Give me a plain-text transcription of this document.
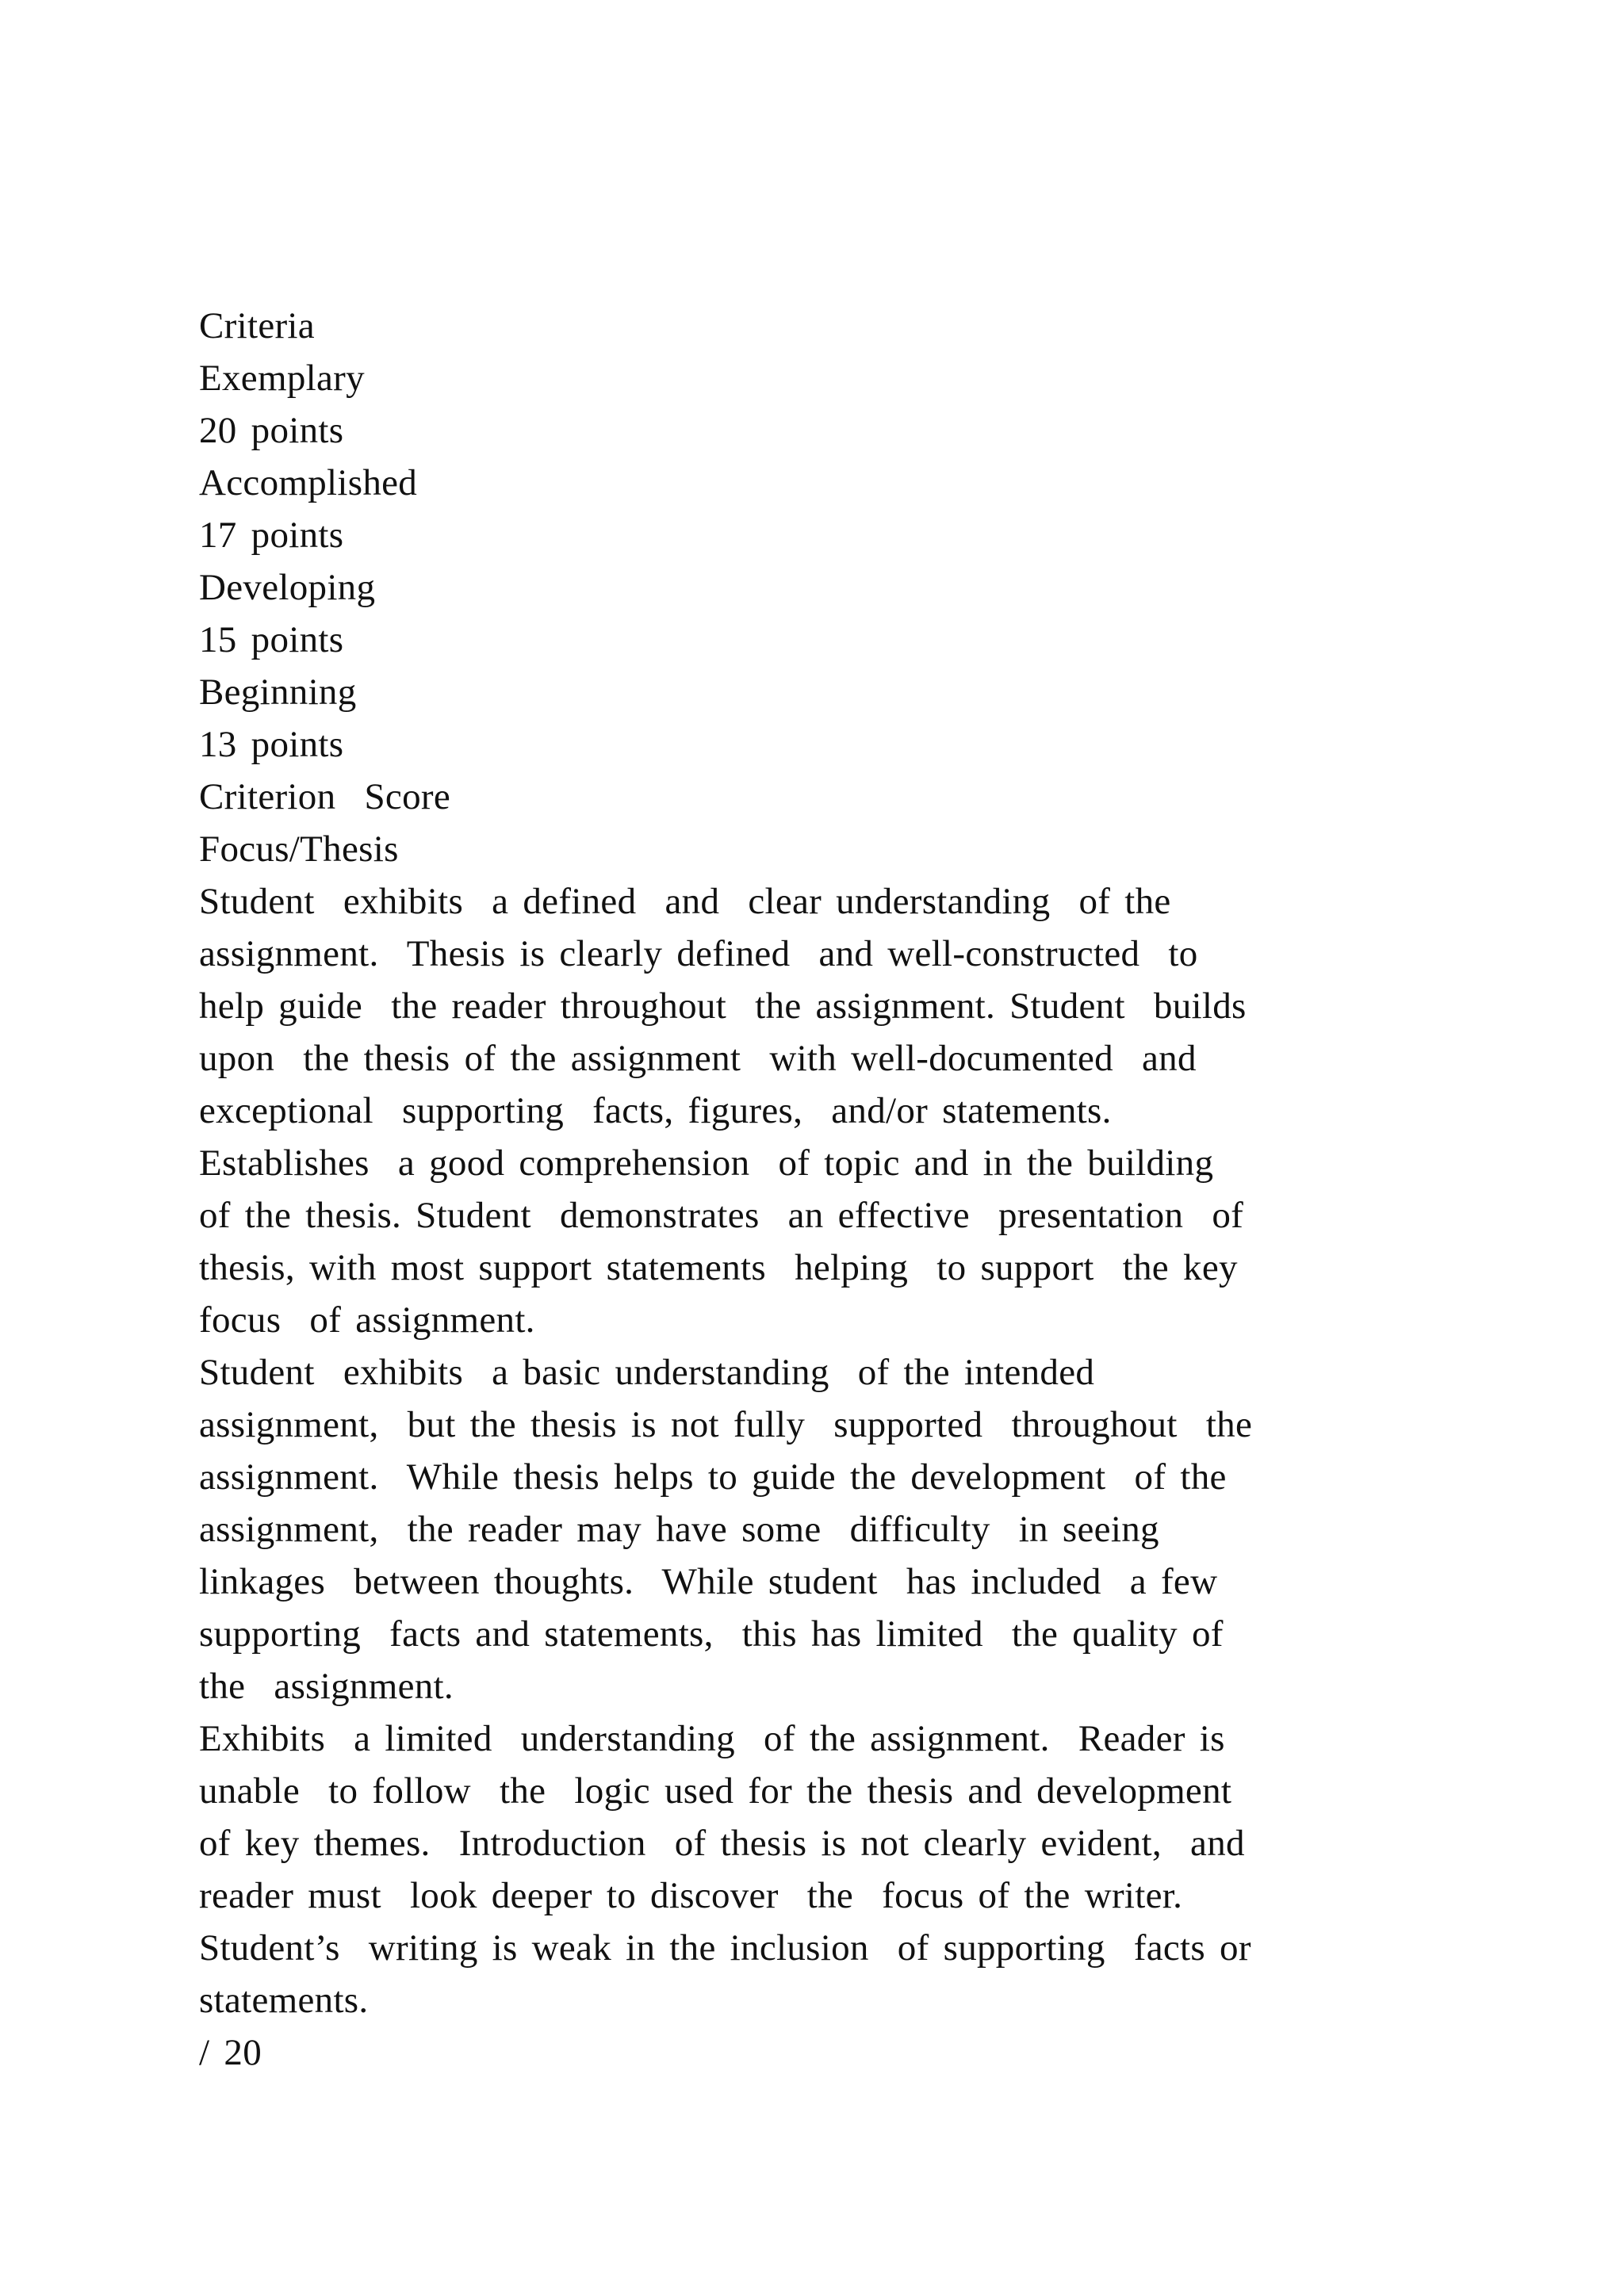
Criteria
Exemplary
20 points
Accomplished
17 points
Developing
15 points
Beginning
13 points
Criterion  Score
Focus/Thesis
Student  exhibits  a defined  and  clear understanding  of the
assignment.  Thesis is clearly defined  and well-constructed  to
help guide  the reader throughout  the assignment. Student  builds
upon  the thesis of the assignment  with well-documented  and
exceptional  supporting  facts, figures,  and/or statements.
Establishes  a good comprehension  of topic and in the building
of the thesis. Student  demonstrates  an effective  presentation  of
thesis, with most support statements  helping  to support  the key
focus  of assignment.
Student  exhibits  a basic understanding  of the intended
assignment,  but the thesis is not fully  supported  throughout  the
assignment.  While thesis helps to guide the development  of the
assignment,  the reader may have some  difficulty  in seeing
linkages  between thoughts.  While student  has included  a few
supporting  facts and statements,  this has limited  the quality of
the  assignment.
Exhibits  a limited  understanding  of the assignment.  Reader is
unable  to follow  the  logic used for the thesis and development
of key themes.  Introduction  of thesis is not clearly evident,  and
reader must  look deeper to discover  the  focus of the writer.
Student’s  writing is weak in the inclusion  of supporting  facts or
statements.
/ 20
